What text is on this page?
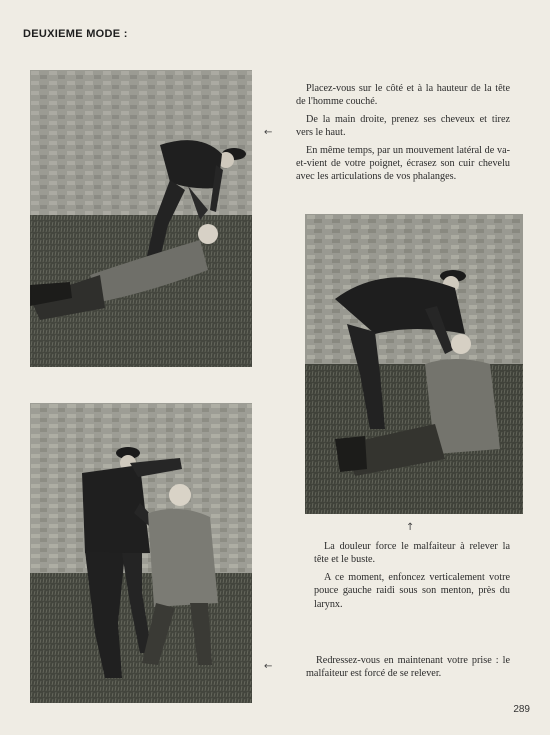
DEUXIEME MODE :
←

Placez-vous sur le côté et à la hauteur de la tête de l'homme couché.

De la main droite, prenez ses cheveux et tirez vers le haut.

En même temps, par un mouvement latéral de va-et-vient de votre poignet, écrasez son cuir chevelu avec les articulations de vos phalanges.

↑

La douleur force le malfaiteur à relever la tête et le buste.

A ce moment, enfoncez verticalement votre pouce gauche raidi sous son menton, près du larynx.

←

Redressez-vous en maintenant votre prise : le malfaiteur est forcé de se relever.

289
